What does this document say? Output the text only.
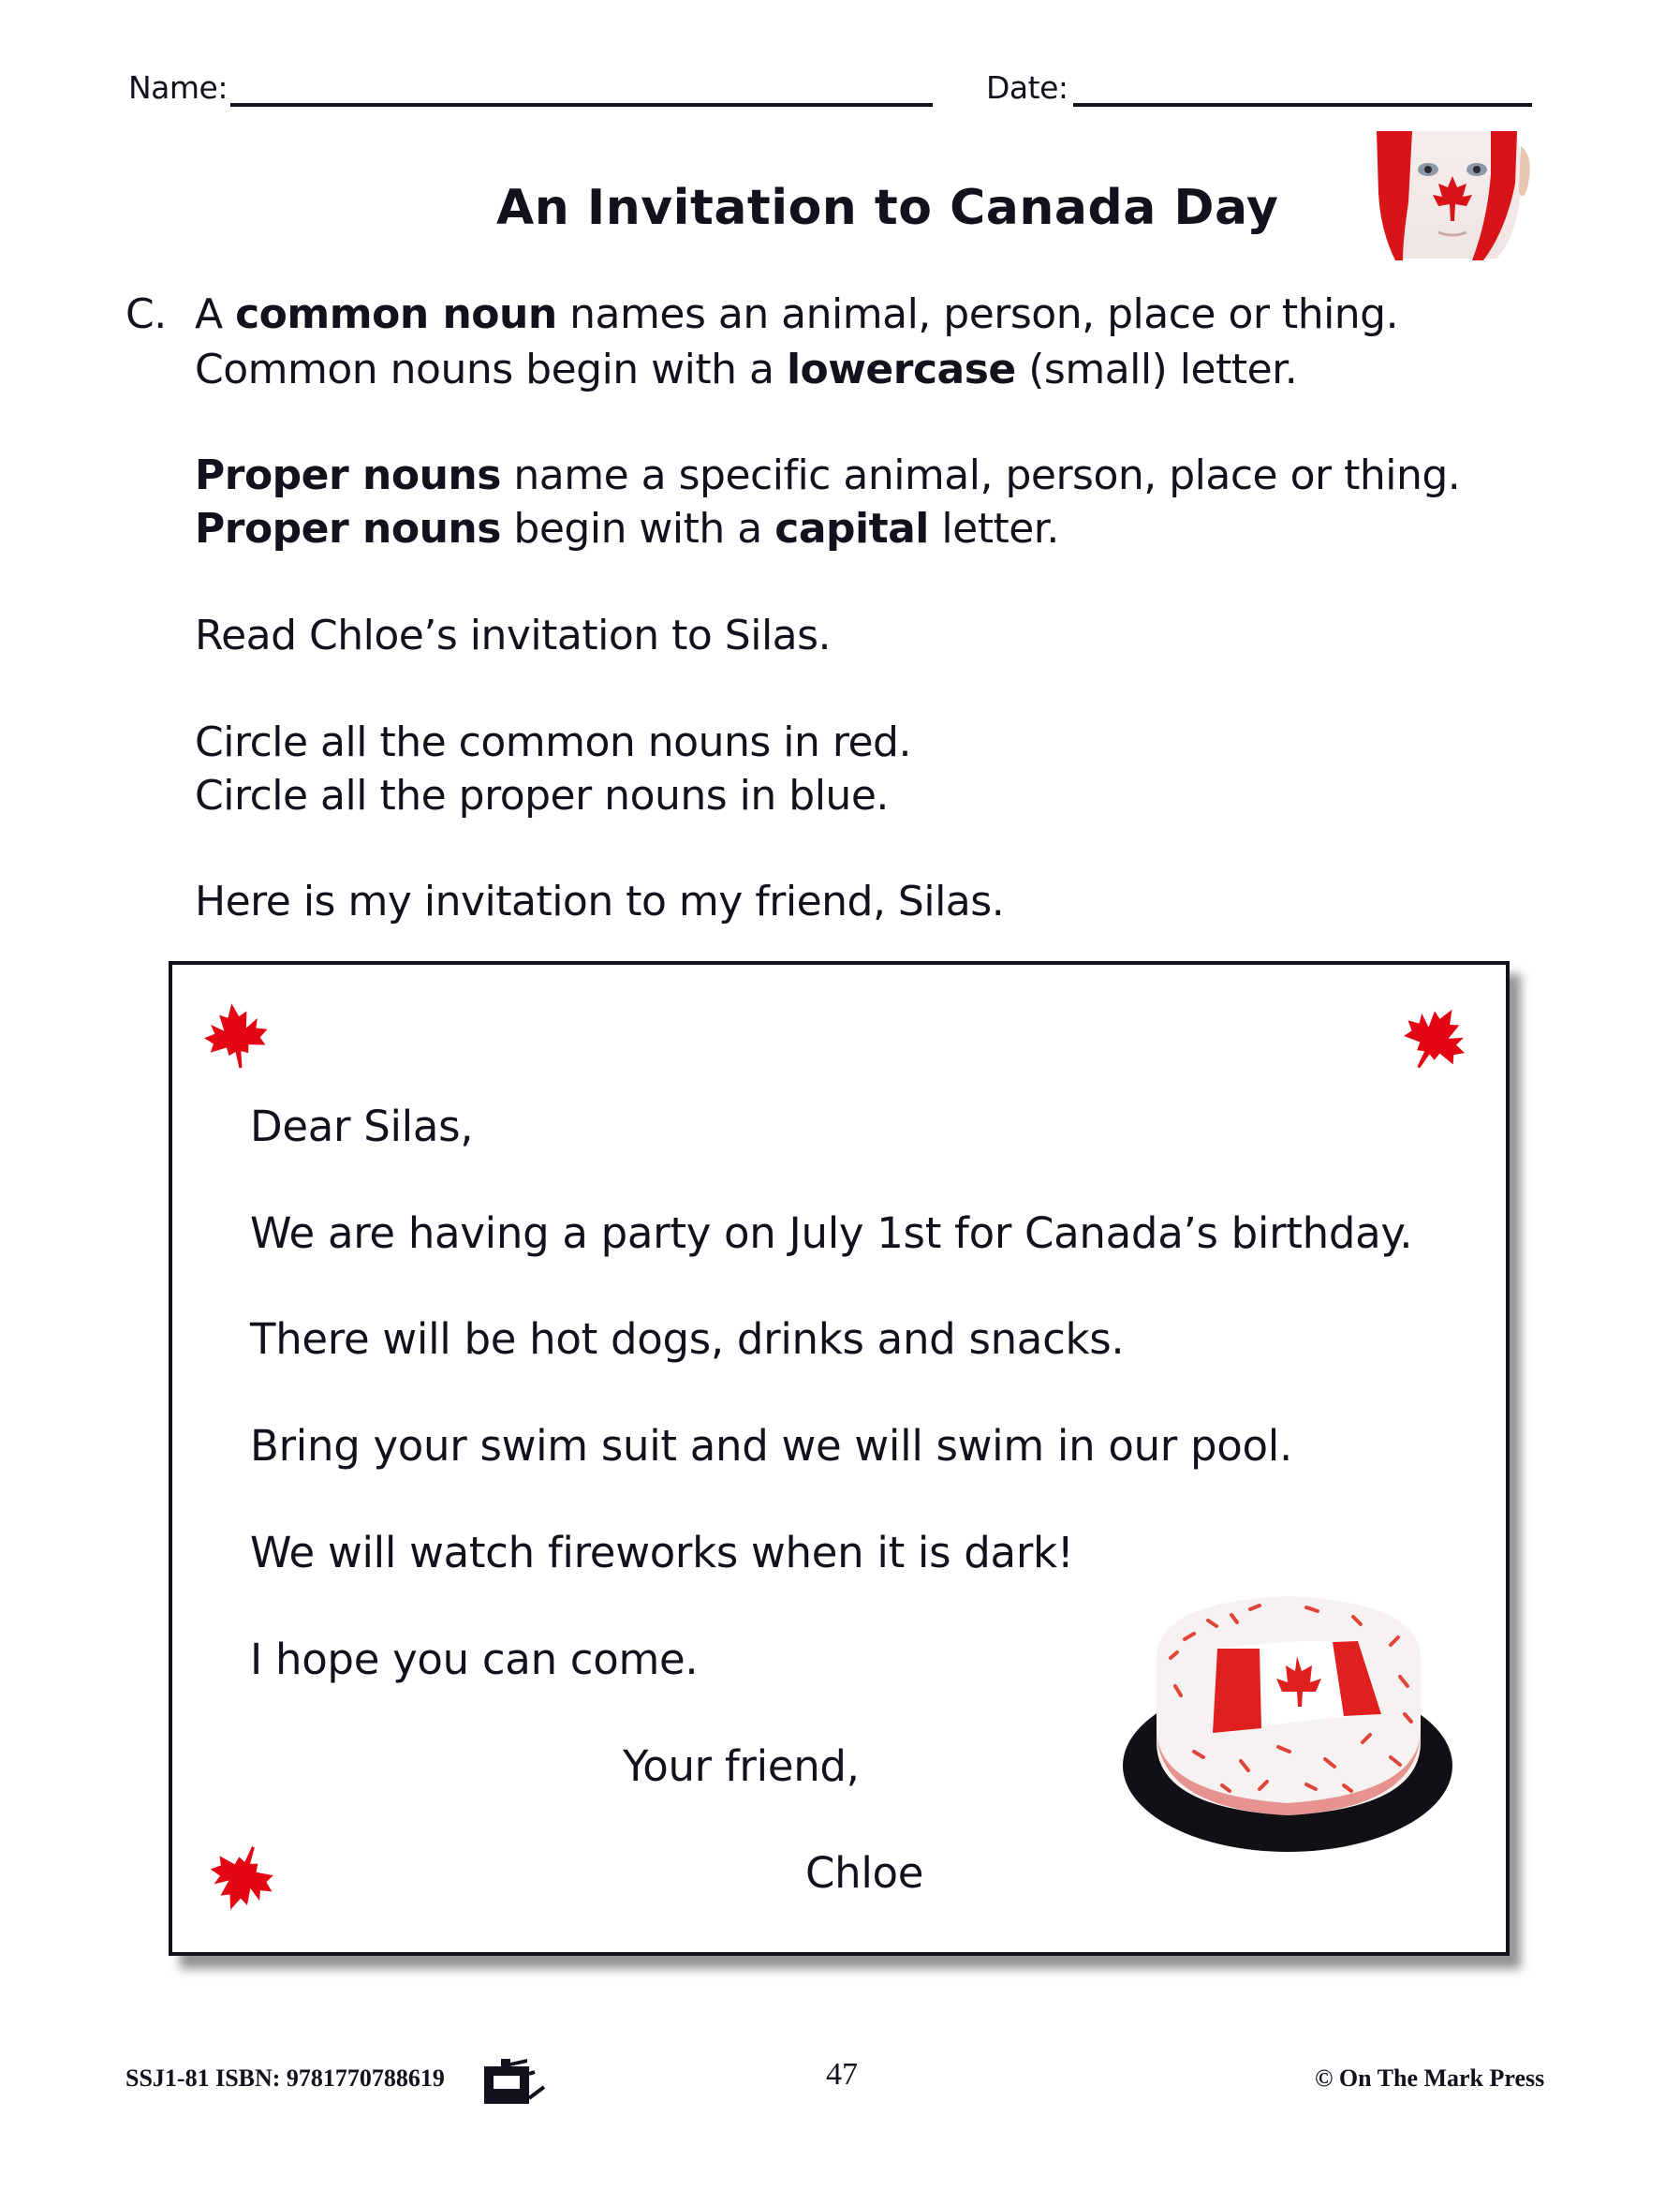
Name:	Date:
An Invitation to Canada Day
C. A common noun names an animal, person, place or thing.
Common nouns begin with a lowercase (small) letter.
Proper nouns name a specific animal, person, place or thing.
Proper nouns begin with a capital letter.
Read Chloe’s invitation to Silas.
Circle all the common nouns in red.
Circle all the proper nouns in blue.
Here is my invitation to my friend, Silas.
Dear Silas,
We are having a party on July 1st for Canada’s birthday.
There will be hot dogs, drinks and snacks.
Bring your swim suit and we will swim in our pool.
We will watch fireworks when it is dark!
I hope you can come.
Your friend,
Chloe
SSJ1-81 ISBN: 9781770788619	47	© On The Mark Press
